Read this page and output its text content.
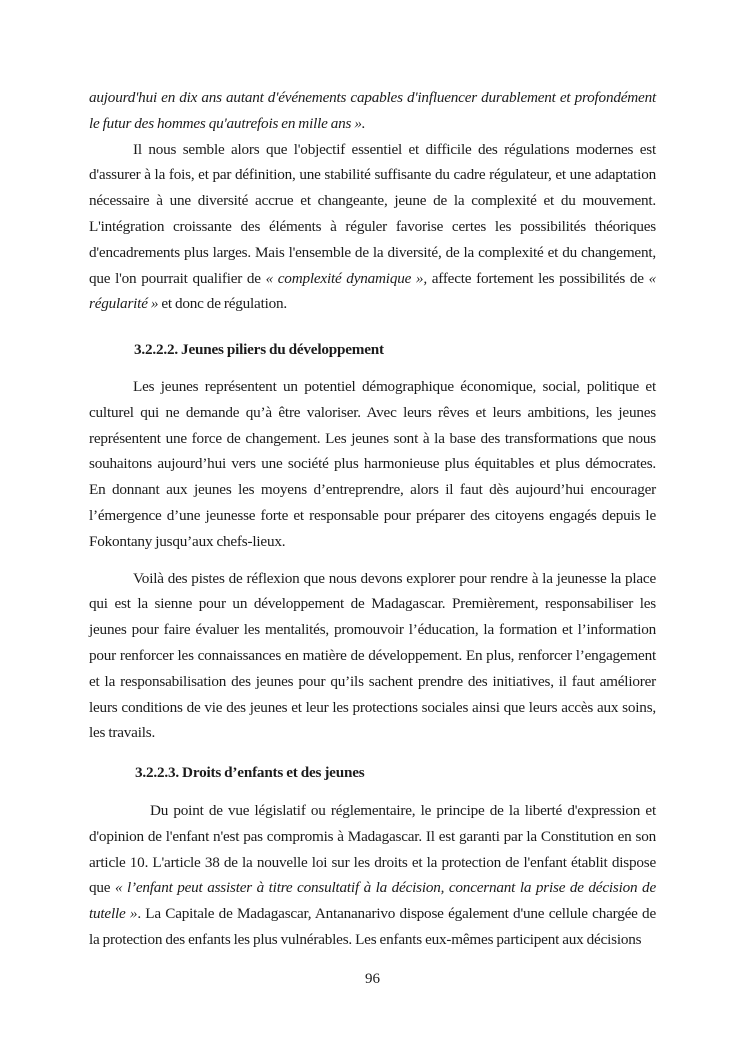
aujourd'hui en dix ans autant d'événements capables d'influencer durablement et profondément
le futur des hommes qu'autrefois en mille ans ».
Il nous semble alors que l'objectif essentiel et difficile des régulations modernes est
d'assurer à la fois, et par définition, une stabilité suffisante du cadre régulateur, et une adaptation
nécessaire à une diversité accrue et changeante, jeune de la complexité et du mouvement.
L'intégration croissante des éléments à réguler favorise certes les possibilités théoriques
d'encadrements plus larges. Mais l'ensemble de la diversité, de la complexité et du changement,
que l'on pourrait qualifier de « complexité dynamique », affecte fortement les possibilités de «
régularité » et donc de régulation.
3.2.2.2. Jeunes piliers du développement
Les jeunes représentent un potentiel démographique économique, social, politique et
culturel qui ne demande qu’à être valoriser. Avec leurs rêves et leurs ambitions, les jeunes
représentent une force de changement. Les jeunes sont à la base des transformations que nous
souhaitons aujourd’hui vers une société plus harmonieuse plus équitables et plus démocrates.
En donnant aux jeunes les moyens d’entreprendre, alors il faut dès aujourd’hui encourager
l’émergence d’une jeunesse forte et responsable pour préparer des citoyens engagés depuis le
Fokontany jusqu’aux chefs-lieux.
Voilà des pistes de réflexion que nous devons explorer pour rendre à la jeunesse la place
qui est la sienne pour un développement de Madagascar. Premièrement, responsabiliser les
jeunes pour faire évaluer les mentalités, promouvoir l’éducation, la formation et l’information
pour renforcer les connaissances en matière de développement. En plus, renforcer l’engagement
et la responsabilisation des jeunes pour qu’ils sachent prendre des initiatives, il faut améliorer
leurs conditions de vie des jeunes et leur les protections sociales ainsi que leurs accès aux soins,
les travails.
3.2.2.3. Droits d’enfants et des jeunes
Du point de vue législatif ou réglementaire, le principe de la liberté d'expression et
d'opinion de l'enfant n'est pas compromis à Madagascar. Il est garanti par la Constitution en son
article 10. L'article 38 de la nouvelle loi sur les droits et la protection de l'enfant établit dispose
que « l’enfant peut assister à titre consultatif à la décision, concernant la prise de décision de
tutelle ». La Capitale de Madagascar, Antananarivo dispose également d'une cellule chargée de
la protection des enfants les plus vulnérables. Les enfants eux-mêmes participent aux décisions
96
